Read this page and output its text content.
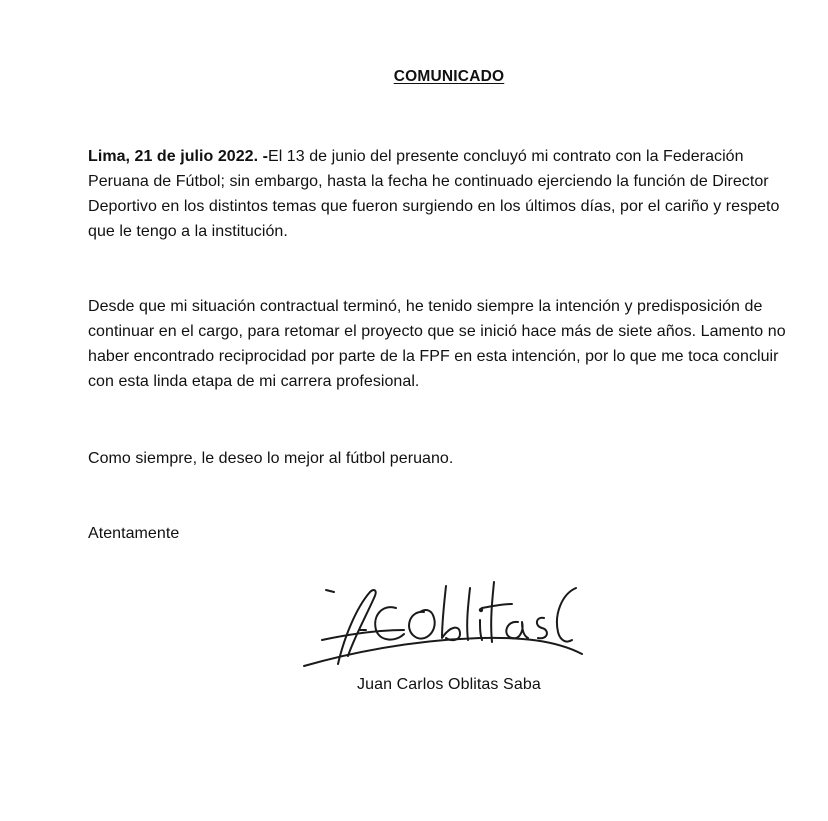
COMUNICADO
Lima, 21 de julio 2022. -El 13 de junio del presente concluyó mi contrato con la Federación Peruana de Fútbol; sin embargo, hasta la fecha he continuado ejerciendo la función de Director Deportivo en los distintos temas que fueron surgiendo en los últimos días, por el cariño y respeto que le tengo a la institución.
Desde que mi situación contractual terminó, he tenido siempre la intención y predisposición de continuar en el cargo, para retomar el proyecto que se inició hace más de siete años. Lamento no haber encontrado reciprocidad por parte de la FPF en esta intención, por lo que me toca concluir con esta linda etapa de mi carrera profesional.
Como siempre, le deseo lo mejor al fútbol peruano.
Atentamente
Juan Carlos Oblitas Saba
